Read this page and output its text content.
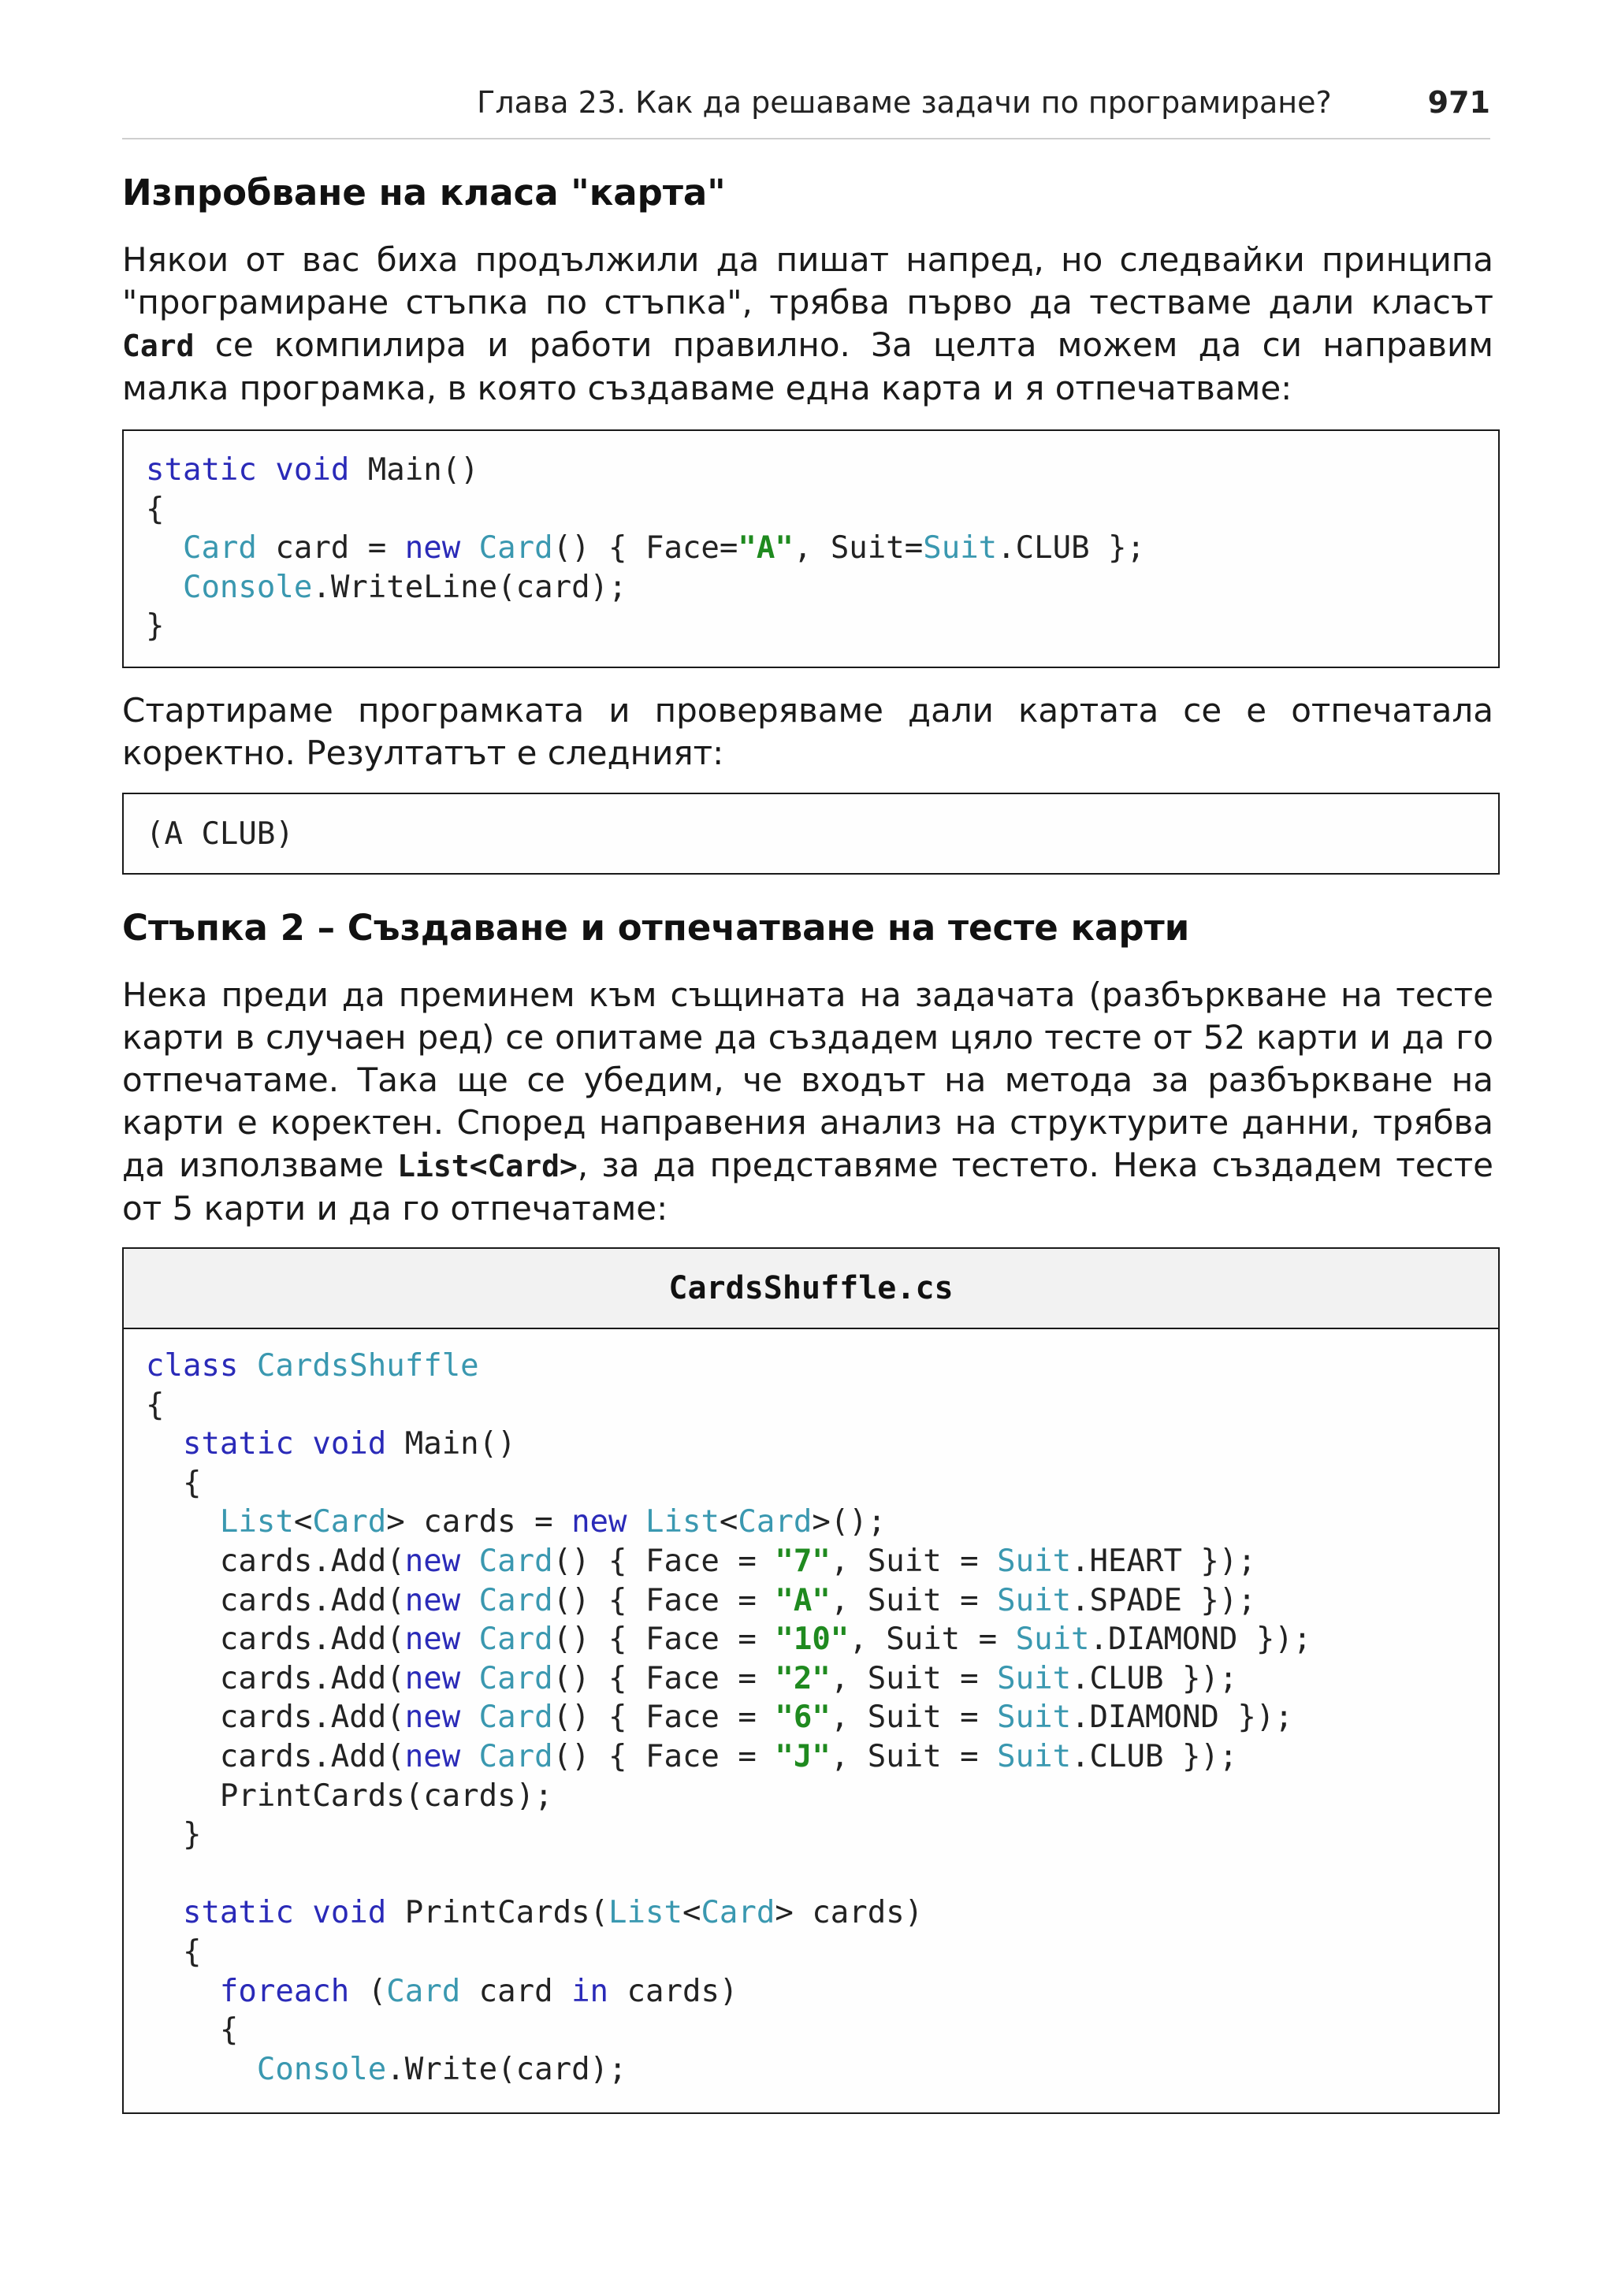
Глава 23. Как да решаваме задачи по програмиране?	971
Изпробване на класа "карта"

Някои от вас биха продължили да пишат напред, но следвайки принципа "програмиране стъпка по стъпка", трябва първо да тестваме дали класът Card се компилира и работи правилно. За целта можем да си направим малка програмка, в която създаваме една карта и я отпечатваме:

static void Main()
{
Card card = new Card() { Face="A", Suit=Suit.CLUB };
Console.WriteLine(card);
}

Стартираме програмката и проверяваме дали картата се е отпечатала коректно. Резултатът е следният:

(A CLUB)
Стъпка 2 – Създаване и отпечатване на тесте карти

Нека преди да преминем към същината на задачата (разбъркване на тесте карти в случаен ред) се опитаме да създадем цяло тесте от 52 карти и да го отпечатаме. Така ще се убедим, че входът на метода за разбъркване на карти е коректен. Според направения анализ на структурите данни, трябва да използваме List<Card>, за да представяме тестето. Нека създадем тесте от 5 карти и да го отпечатаме:

CardsShuffle.cs
class CardsShuffle
{
static void Main()
{
List<Card> cards = new List<Card>();
cards.Add(new Card() { Face = "7", Suit = Suit.HEART });
cards.Add(new Card() { Face = "A", Suit = Suit.SPADE });
cards.Add(new Card() { Face = "10", Suit = Suit.DIAMOND });
cards.Add(new Card() { Face = "2", Suit = Suit.CLUB });
cards.Add(new Card() { Face = "6", Suit = Suit.DIAMOND });
cards.Add(new Card() { Face = "J", Suit = Suit.CLUB });
PrintCards(cards);
}

static void PrintCards(List<Card> cards)
{
foreach (Card card in cards)
{
Console.Write(card);
